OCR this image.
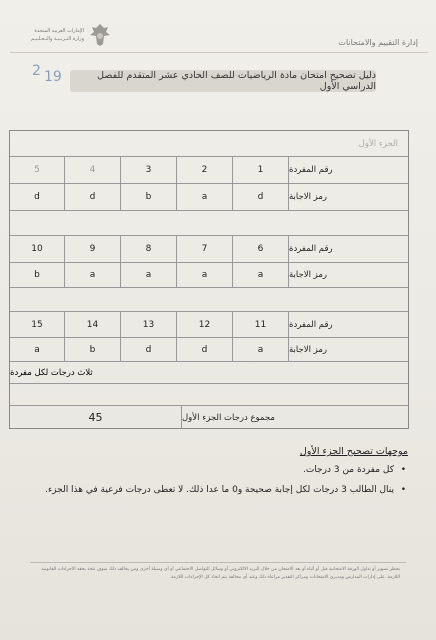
الإمارات العربية المتحدة
وزارة التـربـيـة والتـعـلـيـم	إدارة التقييم والامتحانات
2 19	دليل تصحيح امتحان مادة الرياضيات للصف الحادي عشر المتقدم للفصل الدراسي الأول
الجزء الأول
رقم المفردة
1
2
3
4
5
رمز الاجابة
d
a
b
d
d
رقم المفردة
6
7
8
9
10
رمز الاجابة
a
a
a
a
b
رقم المفردة
11
12
13
14
15
رمز الاجابة
a
d
d
b
a
ثلاث درجات لكل مفردة
مجموع درجات الجزء الأول
45
موجهات تصحيح الجزء الأول
• كل مفردة من 3 درجات.
• ينال الطالب 3 درجات لكل إجابة صحيحة و0 ما عدا ذلك. لا تعطى درجات فرعية في هذا الجزء.
يحظر تصوير أو تداول الورقة الامتحانية قبل أو أثناء أو بعد الامتحان من خلال البريد الالكتروني أو وسائل التواصل الاجتماعي أو أي وسيلة أخرى ومن يخالف ذلك سوف تتخذ بحقه الاجراءات القانونية اللازمة. على إدارات المدارس ومديري الامتحانات ومراكز التقدير مراعاة ذلك وعند أي مخالفة يتم اتخاذ كل الإجراءات اللازمة.
